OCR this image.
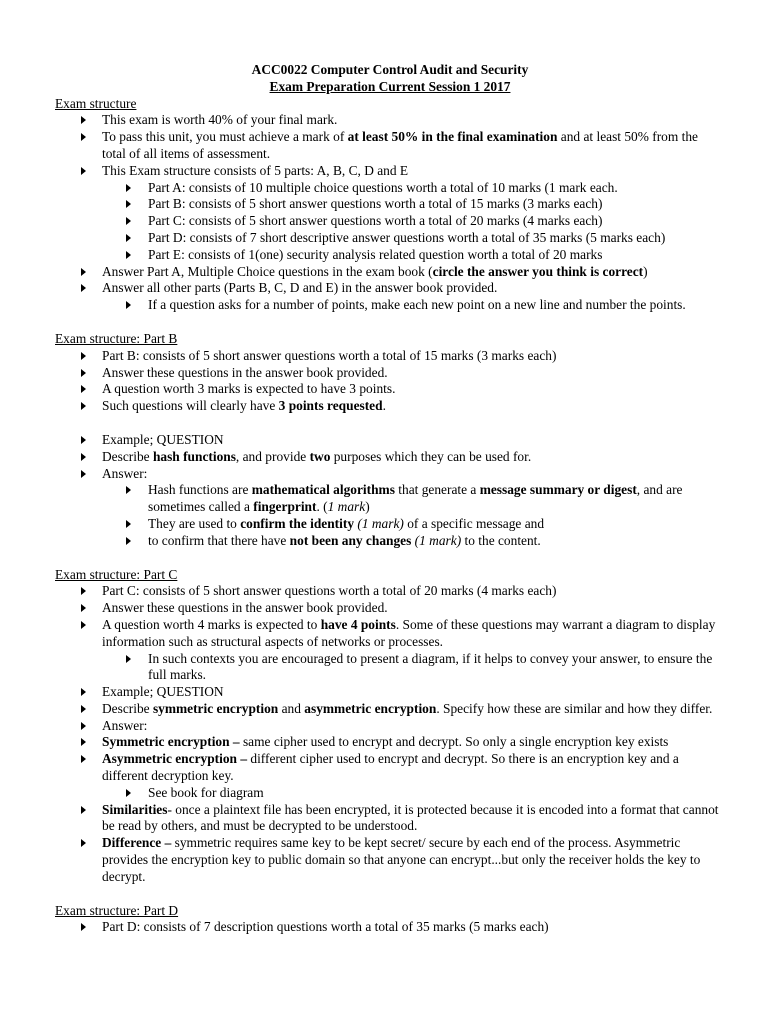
ACC0022 Computer Control Audit and Security

Exam Preparation Current Session 1 2017

Exam structure

This exam is worth 40% of your final mark.
To pass this unit, you must achieve a mark of at least 50% in the final examination and at least 50% from the total of all items of assessment.
This Exam structure consists of 5 parts: A, B, C, D and E
Part A: consists of 10 multiple choice questions worth a total of 10 marks (1 mark each.
Part B: consists of 5 short answer questions worth a total of 15 marks (3 marks each)
Part C: consists of 5 short answer questions worth a total of 20 marks (4 marks each)
Part D: consists of 7 short descriptive answer questions worth a total of 35 marks (5 marks each)
Part E: consists of 1(one) security analysis related question worth a total of 20 marks
Answer Part A, Multiple Choice questions in the exam book (circle the answer you think is correct)
Answer all other parts (Parts B, C, D and E) in the answer book provided.
If a question asks for a number of points, make each new point on a new line and number the points.

Exam structure: Part B

Part B: consists of 5 short answer questions worth a total of 15 marks (3 marks each)
Answer these questions in the answer book provided.
A question worth 3 marks is expected to have 3 points.
Such questions will clearly have 3 points requested.
Example; QUESTION
Describe hash functions, and provide two purposes which they can be used for.
Answer:
Hash functions are mathematical algorithms that generate a message summary or digest, and are sometimes called a fingerprint. (1 mark)
They are used to confirm the identity (1 mark) of a specific message and
to confirm that there have not been any changes (1 mark) to the content.

Exam structure: Part C

Part C: consists of 5 short answer questions worth a total of 20 marks (4 marks each)
Answer these questions in the answer book provided.
A question worth 4 marks is expected to have 4 points. Some of these questions may warrant a diagram to display information such as structural aspects of networks or processes.
In such contexts you are encouraged to present a diagram, if it helps to convey your answer, to ensure the full marks.
Example; QUESTION
Describe symmetric encryption and asymmetric encryption. Specify how these are similar and how they differ.
Answer:
Symmetric encryption – same cipher used to encrypt and decrypt. So only a single encryption key exists
Asymmetric encryption – different cipher used to encrypt and decrypt. So there is an encryption key and a different decryption key.
See book for diagram
Similarities- once a plaintext file has been encrypted, it is protected because it is encoded into a format that cannot be read by others, and must be decrypted to be understood.
Difference – symmetric requires same key to be kept secret/ secure by each end of the process. Asymmetric provides the encryption key to public domain so that anyone can encrypt...but only the receiver holds the key to decrypt.

Exam structure: Part D

Part D: consists of 7 description questions worth a total of 35 marks (5 marks each)
